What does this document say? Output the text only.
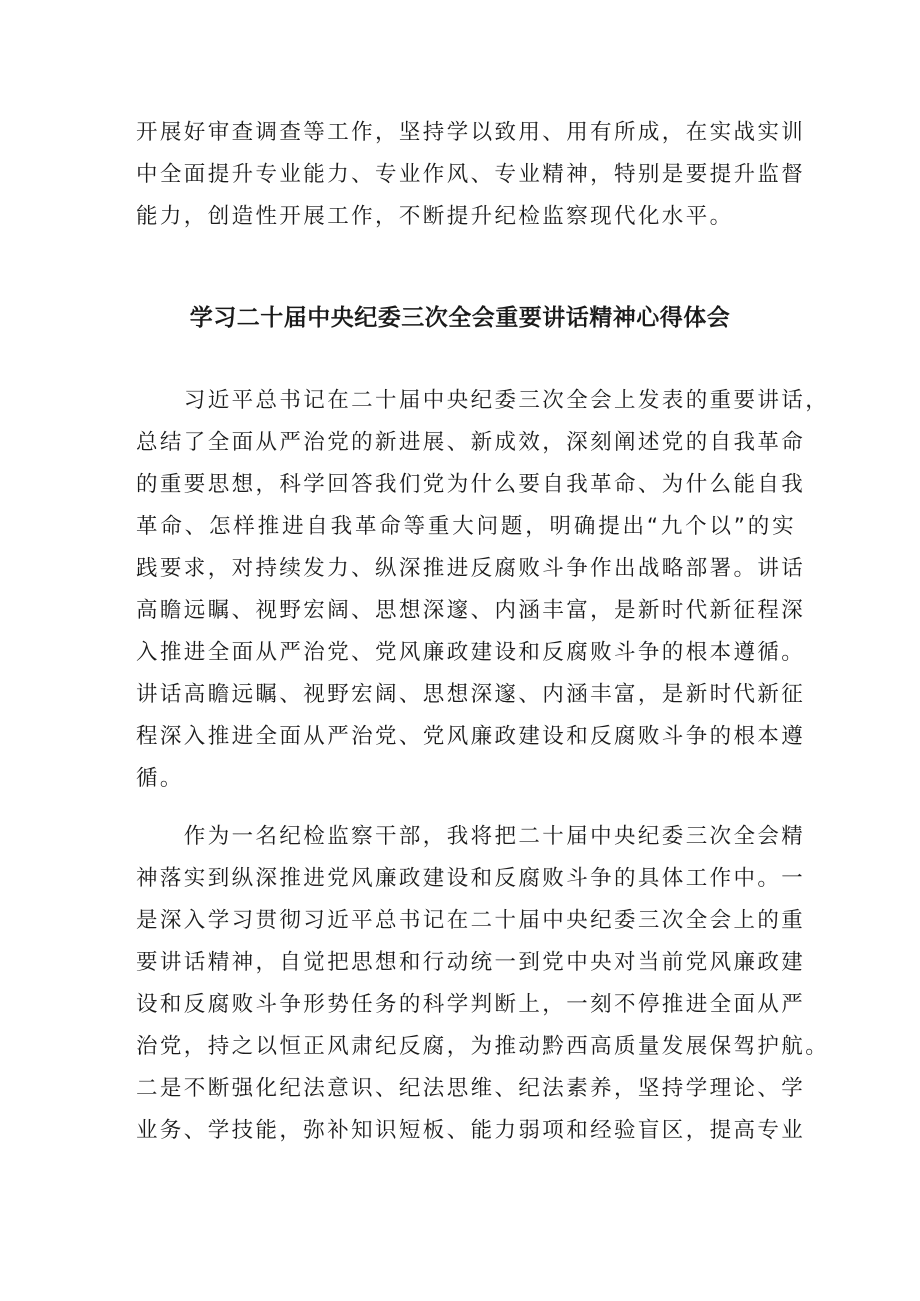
开展好审查调查等工作，坚持学以致用、用有所成，在实战实训
中全面提升专业能力、专业作风、专业精神，特别是要提升监督
能力，创造性开展工作，不断提升纪检监察现代化水平。
学习二十届中央纪委三次全会重要讲话精神心得体会
　　习近平总书记在二十届中央纪委三次全会上发表的重要讲话，
总结了全面从严治党的新进展、新成效，深刻阐述党的自我革命
的重要思想，科学回答我们党为什么要自我革命、为什么能自我
革命、怎样推进自我革命等重大问题，明确提出“九个以”的实
践要求，对持续发力、纵深推进反腐败斗争作出战略部署。讲话
高瞻远瞩、视野宏阔、思想深邃、内涵丰富，是新时代新征程深
入推进全面从严治党、党风廉政建设和反腐败斗争的根本遵循。
讲话高瞻远瞩、视野宏阔、思想深邃、内涵丰富，是新时代新征
程深入推进全面从严治党、党风廉政建设和反腐败斗争的根本遵
循。
　　作为一名纪检监察干部，我将把二十届中央纪委三次全会精
神落实到纵深推进党风廉政建设和反腐败斗争的具体工作中。一
是深入学习贯彻习近平总书记在二十届中央纪委三次全会上的重
要讲话精神，自觉把思想和行动统一到党中央对当前党风廉政建
设和反腐败斗争形势任务的科学判断上，一刻不停推进全面从严
治党，持之以恒正风肃纪反腐，为推动黔西高质量发展保驾护航。
二是不断强化纪法意识、纪法思维、纪法素养，坚持学理论、学
业务、学技能，弥补知识短板、能力弱项和经验盲区，提高专业
